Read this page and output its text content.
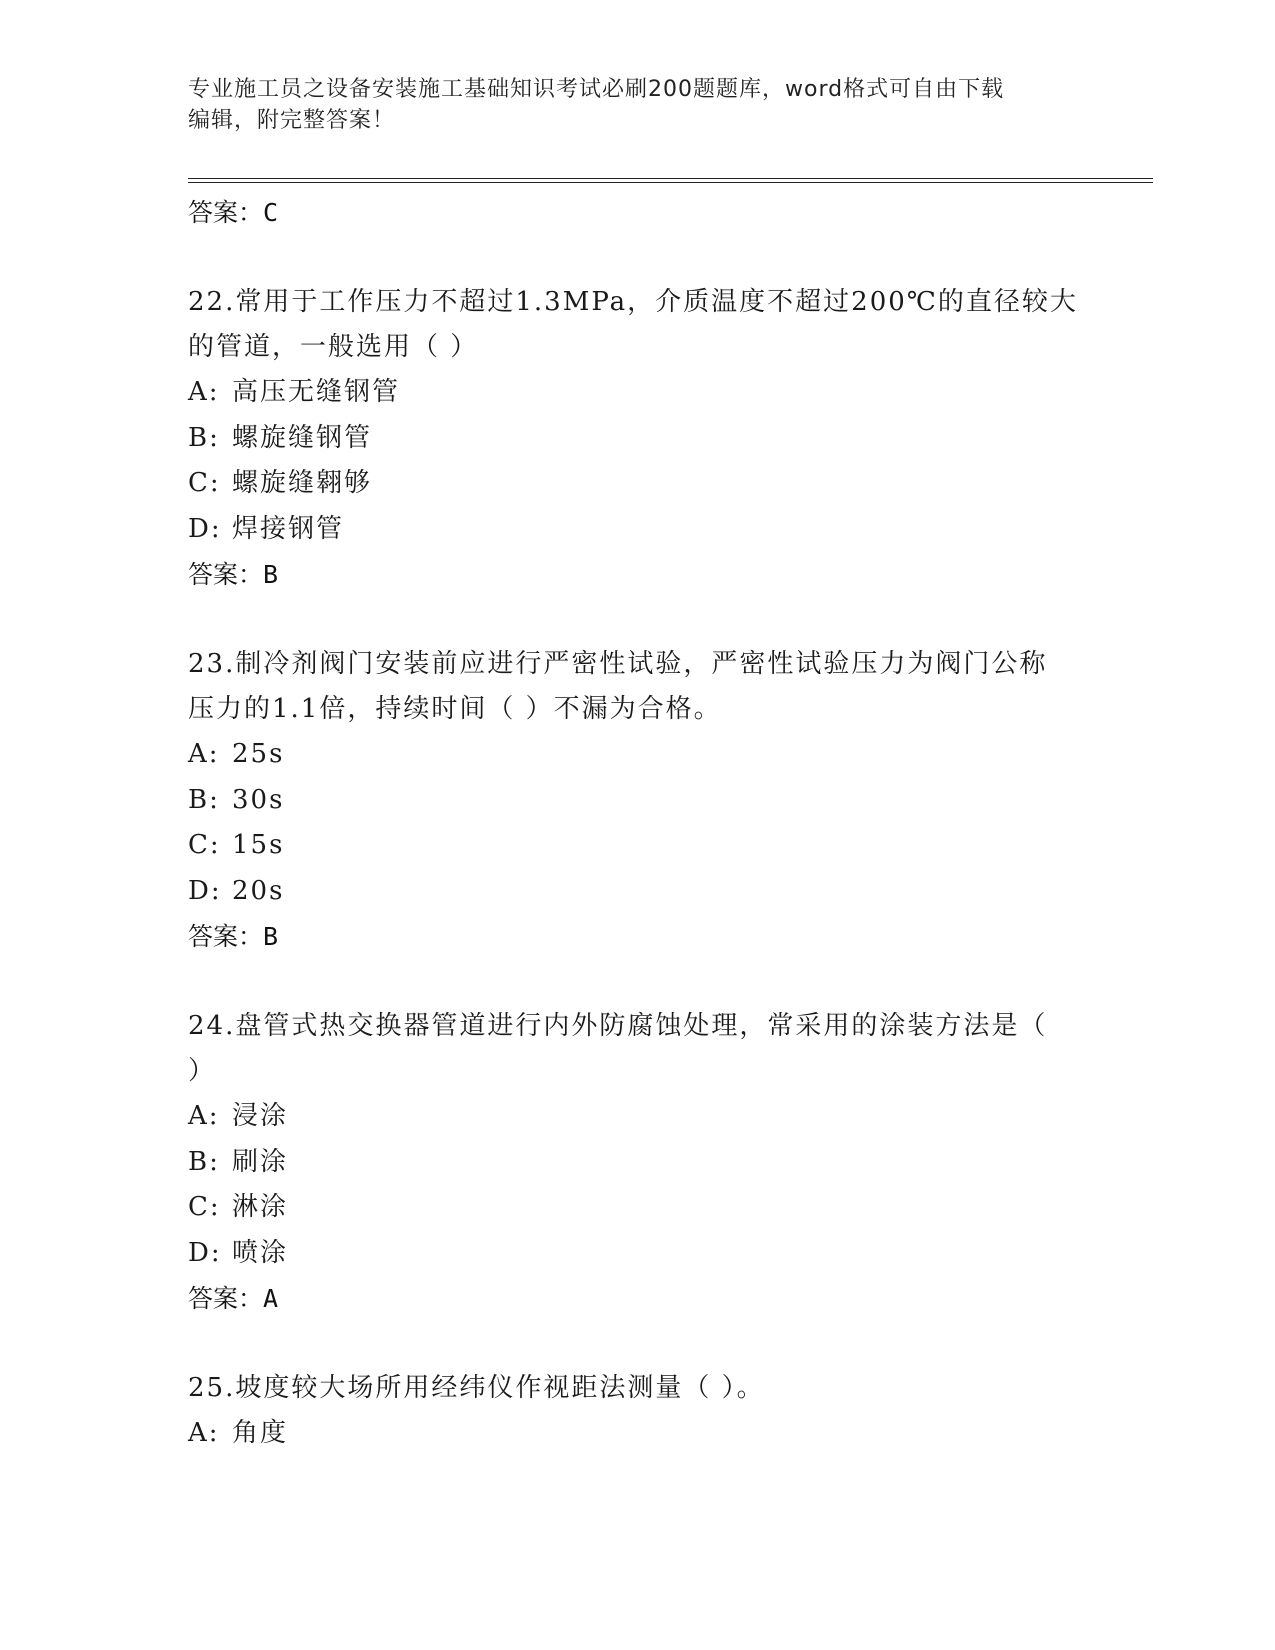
专业施工员之设备安装施工基础知识考试必刷200题题库，word格式可自由下载
编辑，附完整答案！
答案：C
22.常用于工作压力不超过1.3MPa，介质温度不超过200℃的直径较大
的管道，一般选用（ ）
A: 高压无缝钢管
B: 螺旋缝钢管
C: 螺旋缝翱够
D: 焊接钢管
答案：B
23.制冷剂阀门安装前应进行严密性试验，严密性试验压力为阀门公称
压力的1.1倍，持续时间（ ）不漏为合格。
A: 25s
B: 30s
C: 15s
D: 20s
答案：B
24.盘管式热交换器管道进行内外防腐蚀处理，常采用的涂装方法是（
）
A: 浸涂
B: 刷涂
C: 淋涂
D: 喷涂
答案：A
25.坡度较大场所用经纬仪作视距法测量（ ）。
A: 角度
